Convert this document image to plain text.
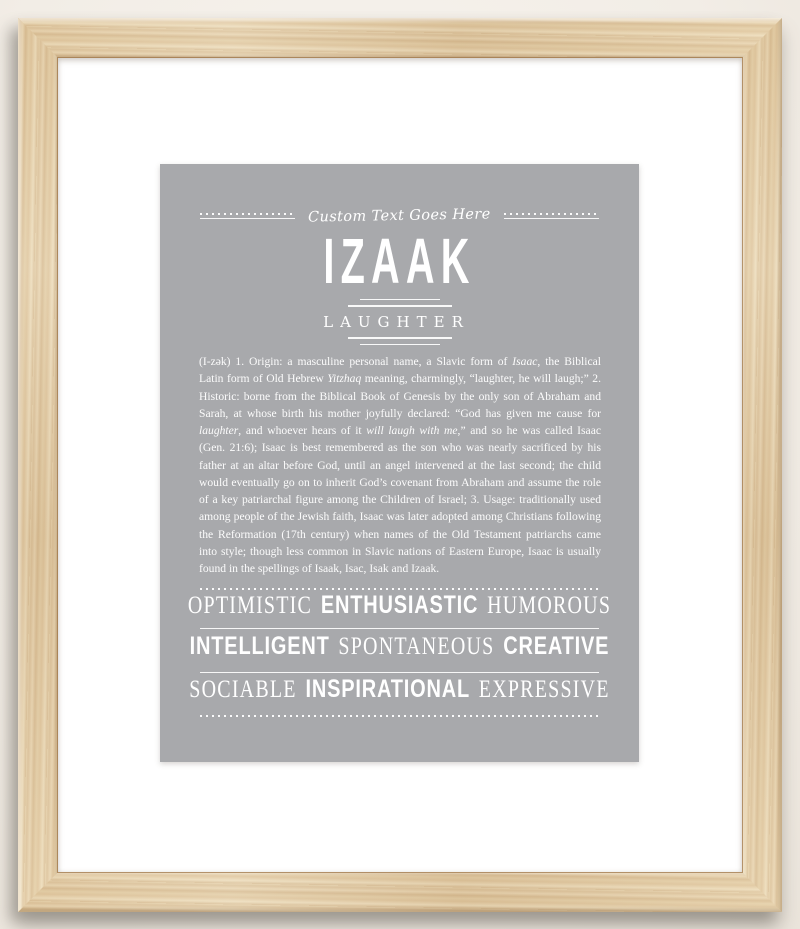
Custom Text Goes Here
IZAAK
LAUGHTER
(I-zək) 1. Origin: a masculine personal name, a Slavic form of Isaac, the Biblical Latin form of Old Hebrew Yitzhaq meaning, charmingly, “laughter, he will laugh;” 2. Historic: borne from the Biblical Book of Genesis by the only son of Abraham and Sarah, at whose birth his mother joyfully declared: “God has given me cause for laughter, and whoever hears of it will laugh with me,” and so he was called Isaac (Gen. 21:6); Isaac is best remembered as the son who was nearly sacrificed by his father at an altar before God, until an angel intervened at the last second; the child would eventually go on to inherit God’s covenant from Abraham and assume the role of a key patriarchal figure among the Children of Israel; 3. Usage: traditionally used among people of the Jewish faith, Isaac was later adopted among Christians following the Reformation (17th century) when names of the Old Testament patriarchs came into style; though less common in Slavic nations of Eastern Europe, Isaac is usually found in the spellings of Isaak, Isac, Isak and Izaak.
OPTIMISTIC ENTHUSIASTIC HUMOROUS
INTELLIGENT SPONTANEOUS CREATIVE
SOCIABLE INSPIRATIONAL EXPRESSIVE
